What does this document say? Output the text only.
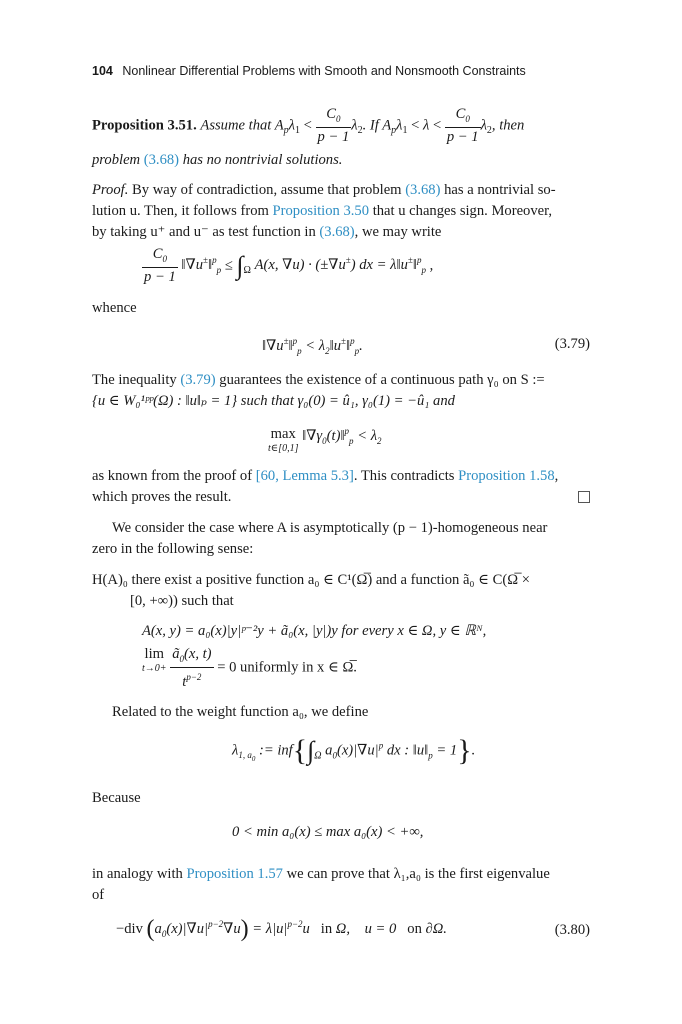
104 Nonlinear Differential Problems with Smooth and Nonsmooth Constraints
Proposition 3.51. Assume that $A_p\lambda_1 < \frac{C_0}{p - 1} \lambda_2$. If $A_p\lambda_1 < \lambda < \frac{C_0}{p - 1} \lambda_2$, then
problem (3.68) has no nontrivial solutions.
Proof. By way of contradiction, assume that problem (3.68) has a nontrivial so-
lution u. Then, it follows from Proposition 3.50 that u changes sign. Moreover,
by taking u⁺ and u⁻ as test function in (3.68), we may write
$\frac{C_0}{p - 1}$ ‖∇u±‖$^p_p$ ≤ $\int_\Omega$ A(x, ∇u) · (±∇u±) dx = λ‖u±‖$^p_p$ ,
whence
‖∇u±‖$^p_p$ < $\lambda_2‖u^\pm‖^p_p$.	(3.79)
The inequality (3.79) guarantees the existence of a continuous path γ₀ on S :=
{u ∈ W₀¹ᵖᵖ(Ω) : ‖u‖ₚ = 1} such that γ₀(0) = û₁, γ₀(1) = −û₁ and
max
t∈[0,1]
$‖\nabla\gamma_0(t)‖^p_p < \lambda_2$
as known from the proof of [60, Lemma 5.3]. This contradicts Proposition 1.58,
which proves the result.
We consider the case where A is asymptotically (p − 1)-homogeneous near
zero in the following sense:
H(A)₀ there exist a positive function a₀ ∈ C¹(Ω̅) and a function ã₀ ∈ C(Ω̅ ×
[0, +∞)) such that
A(x, y) = a₀(x)|y|ᵖ⁻²y + ã₀(x, |y|)y for every x ∈ Ω, y ∈ ℝᴺ,
lim
t→0+
$\frac{ã_0(x, t)}{t^{p-2}} = 0$ uniformly in x ∈ Ω̅.
Related to the weight function a₀, we define
$\lambda_{1, a_0}$ := $inf\{\int_\Omega$ $a_0(x)|\nabla u|^p$ dx : $‖u‖_p = 1$}.
Because
0 < min a₀(x) ≤ max a₀(x) < +∞,
in analogy with Proposition 1.57 we can prove that λ₁,a₀ is the first eigenvalue
of
−div $(a_0(x)|\nabla u|^{p-2}\nabla u) = \lambda|u|^{p-2}u$   in Ω,    u = 0   on ∂Ω.	(3.80)
